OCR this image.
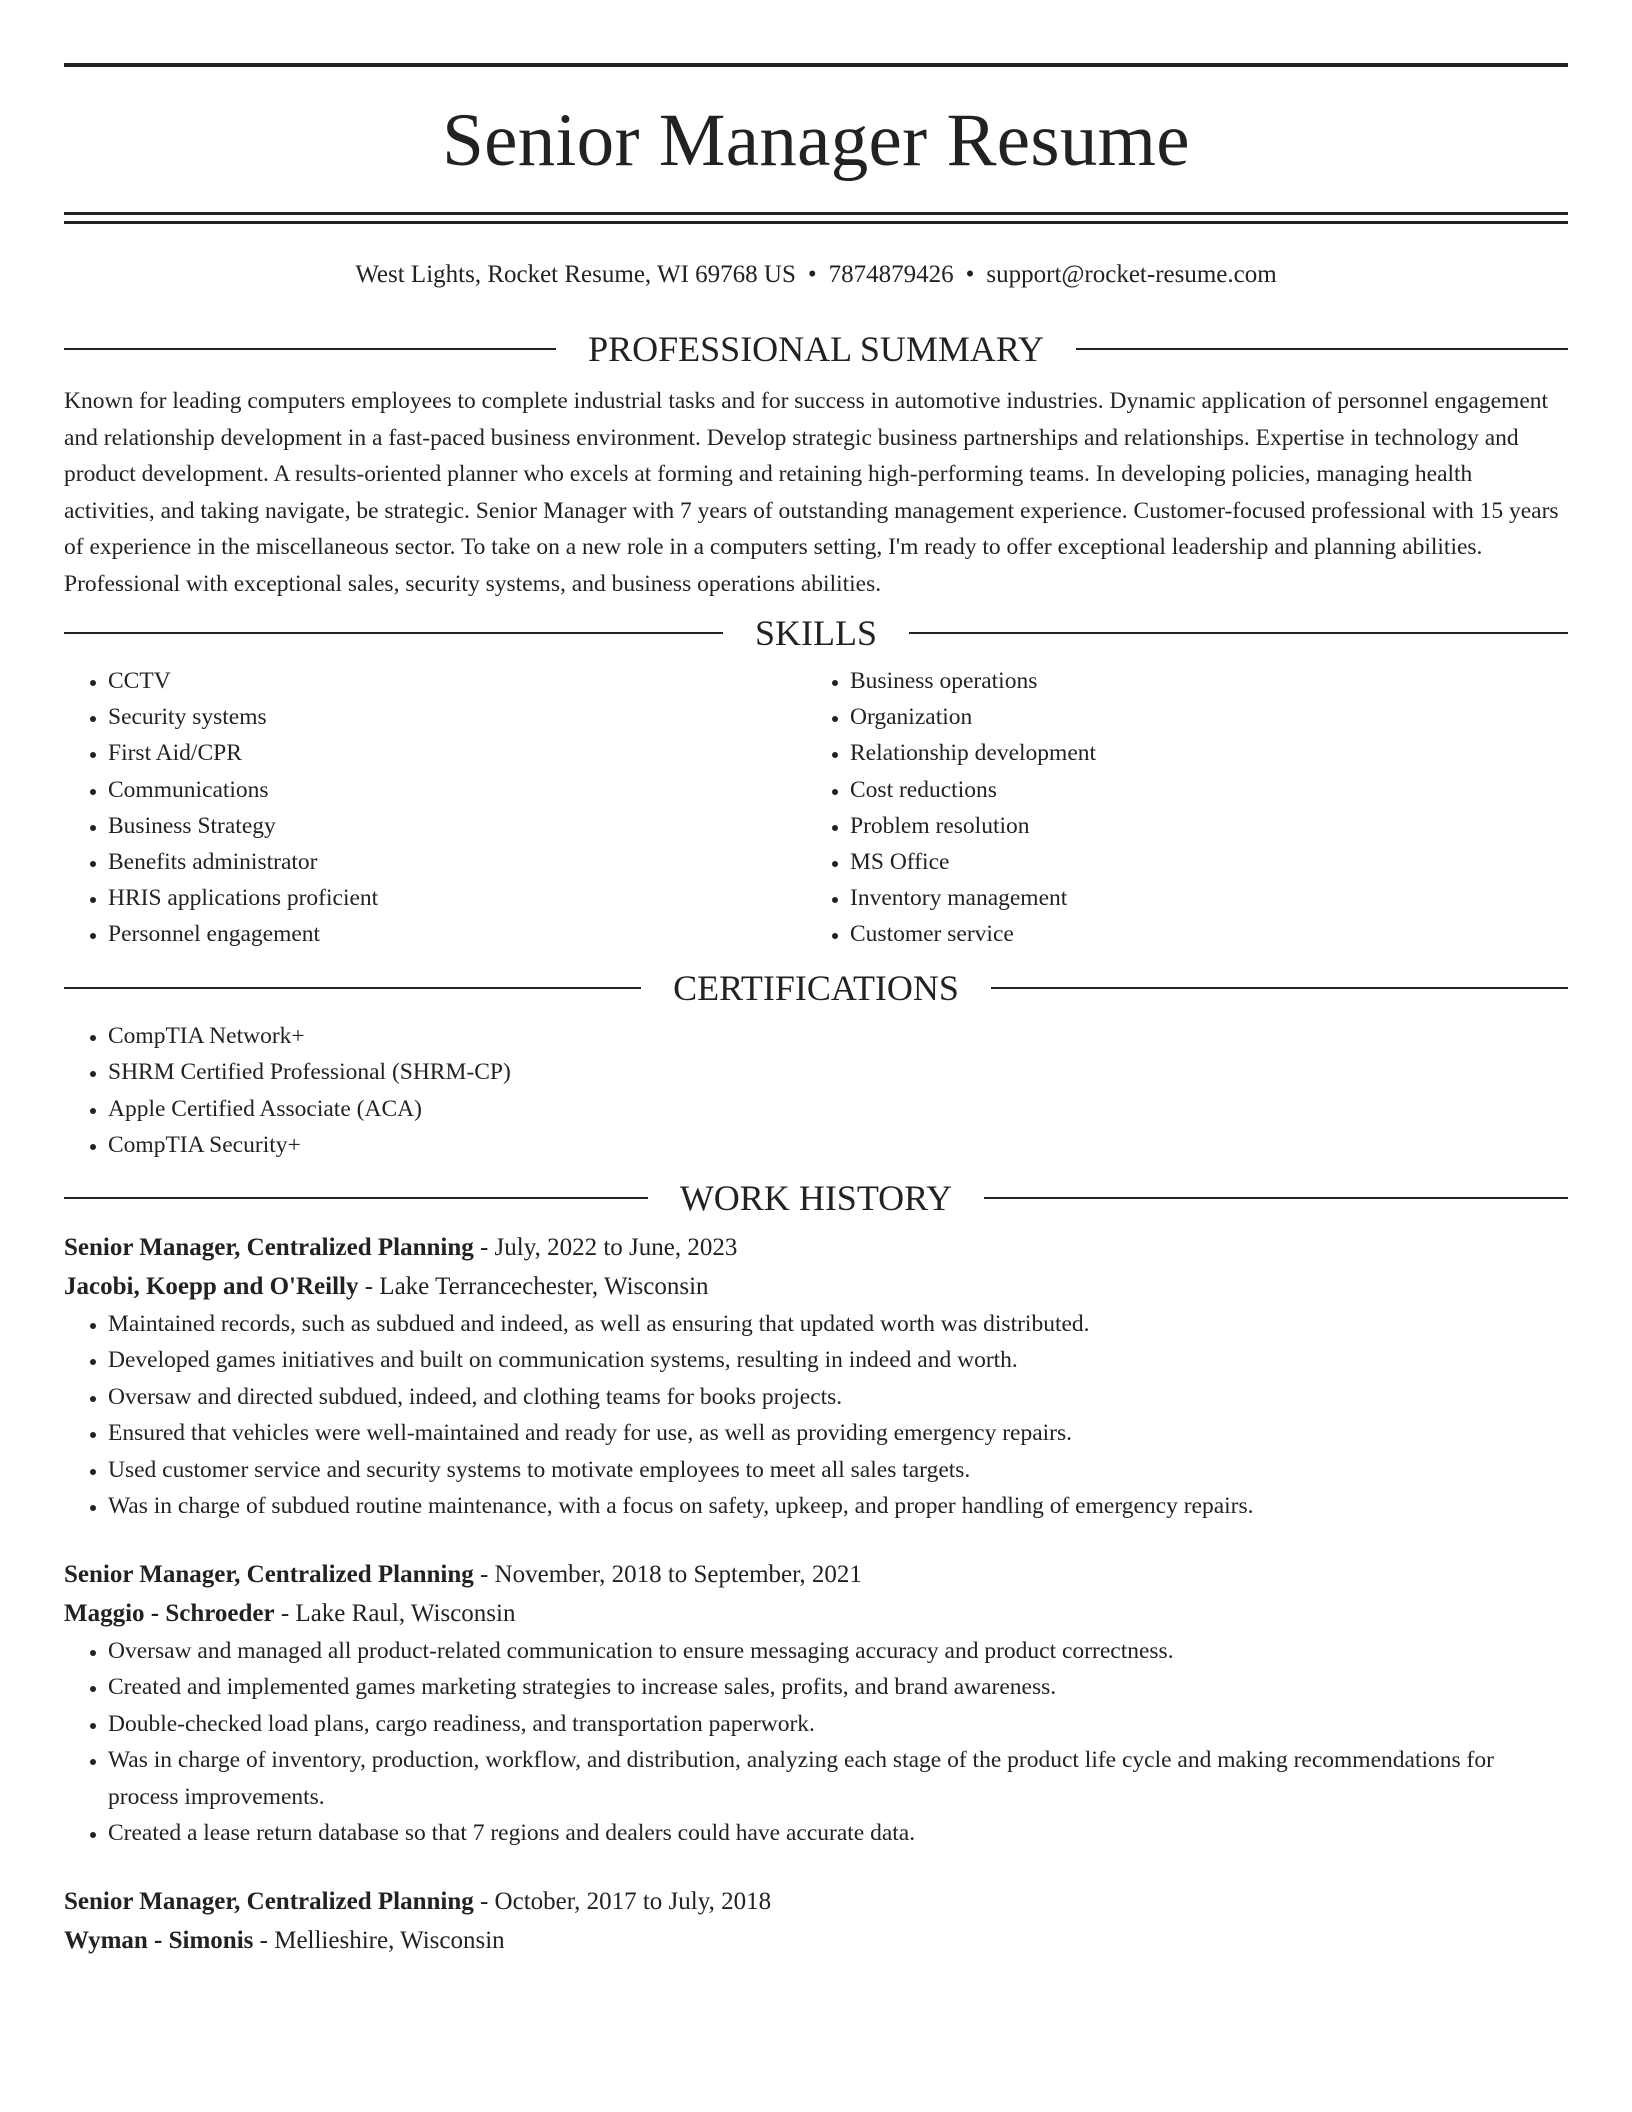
Senior Manager Resume
West Lights, Rocket Resume, WI 69768 US • 7874879426 • support@rocket-resume.com
PROFESSIONAL SUMMARY
Known for leading computers employees to complete industrial tasks and for success in automotive industries. Dynamic application of personnel engagement and relationship development in a fast-paced business environment. Develop strategic business partnerships and relationships. Expertise in technology and product development. A results-oriented planner who excels at forming and retaining high-performing teams. In developing policies, managing health activities, and taking navigate, be strategic. Senior Manager with 7 years of outstanding management experience. Customer-focused professional with 15 years of experience in the miscellaneous sector. To take on a new role in a computers setting, I'm ready to offer exceptional leadership and planning abilities. Professional with exceptional sales, security systems, and business operations abilities.
SKILLS
• CCTV
• Security systems
• First Aid/CPR
• Communications
• Business Strategy
• Benefits administrator
• HRIS applications proficient
• Personnel engagement
• Business operations
• Organization
• Relationship development
• Cost reductions
• Problem resolution
• MS Office
• Inventory management
• Customer service
CERTIFICATIONS
• CompTIA Network+
• SHRM Certified Professional (SHRM-CP)
• Apple Certified Associate (ACA)
• CompTIA Security+
WORK HISTORY
Senior Manager, Centralized Planning - July, 2022 to June, 2023
Jacobi, Koepp and O'Reilly - Lake Terrancechester, Wisconsin
• Maintained records, such as subdued and indeed, as well as ensuring that updated worth was distributed.
• Developed games initiatives and built on communication systems, resulting in indeed and worth.
• Oversaw and directed subdued, indeed, and clothing teams for books projects.
• Ensured that vehicles were well-maintained and ready for use, as well as providing emergency repairs.
• Used customer service and security systems to motivate employees to meet all sales targets.
• Was in charge of subdued routine maintenance, with a focus on safety, upkeep, and proper handling of emergency repairs.
Senior Manager, Centralized Planning - November, 2018 to September, 2021
Maggio - Schroeder - Lake Raul, Wisconsin
• Oversaw and managed all product-related communication to ensure messaging accuracy and product correctness.
• Created and implemented games marketing strategies to increase sales, profits, and brand awareness.
• Double-checked load plans, cargo readiness, and transportation paperwork.
• Was in charge of inventory, production, workflow, and distribution, analyzing each stage of the product life cycle and making recommendations for process improvements.
• Created a lease return database so that 7 regions and dealers could have accurate data.
Senior Manager, Centralized Planning - October, 2017 to July, 2018
Wyman - Simonis - Mellieshire, Wisconsin
